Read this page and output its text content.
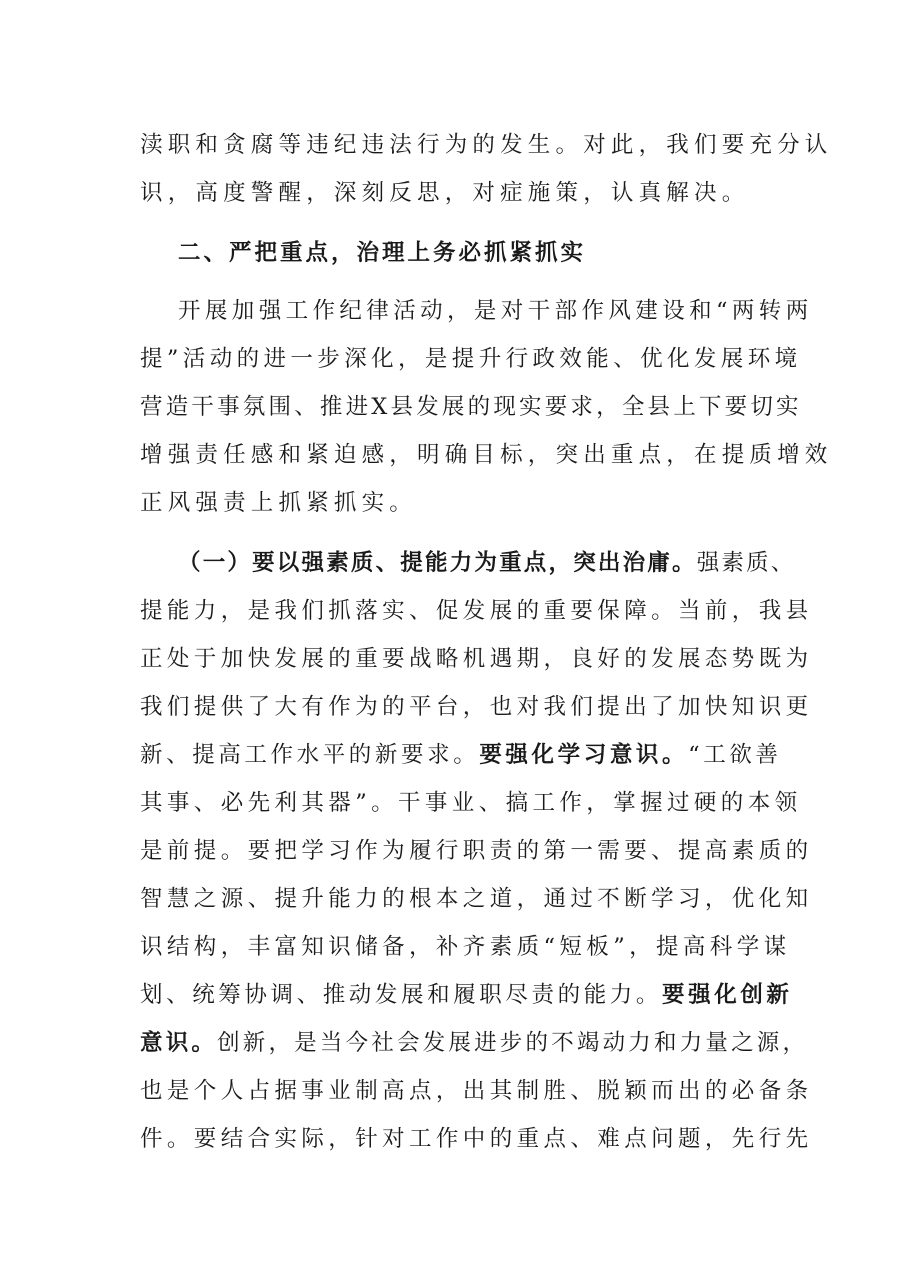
渎职和贪腐等违纪违法行为的发生。对此，我们要充分认
识，高度警醒，深刻反思，对症施策，认真解决。
二、严把重点，治理上务必抓紧抓实
开展加强工作纪律活动，是对干部作风建设和“两转两
提”活动的进一步深化，是提升行政效能、优化发展环境
营造干事氛围、推进X县发展的现实要求，全县上下要切实
增强责任感和紧迫感，明确目标，突出重点，在提质增效
正风强责上抓紧抓实。
（一）要以强素质、提能力为重点，突出治庸。强素质、
提能力，是我们抓落实、促发展的重要保障。当前，我县
正处于加快发展的重要战略机遇期，良好的发展态势既为
我们提供了大有作为的平台，也对我们提出了加快知识更
新、提高工作水平的新要求。要强化学习意识。“工欲善
其事、必先利其器”。干事业、搞工作，掌握过硬的本领
是前提。要把学习作为履行职责的第一需要、提高素质的
智慧之源、提升能力的根本之道，通过不断学习，优化知
识结构，丰富知识储备，补齐素质“短板”，提高科学谋
划、统筹协调、推动发展和履职尽责的能力。要强化创新
意识。创新，是当今社会发展进步的不竭动力和力量之源，
也是个人占据事业制高点，出其制胜、脱颖而出的必备条
件。要结合实际，针对工作中的重点、难点问题，先行先
